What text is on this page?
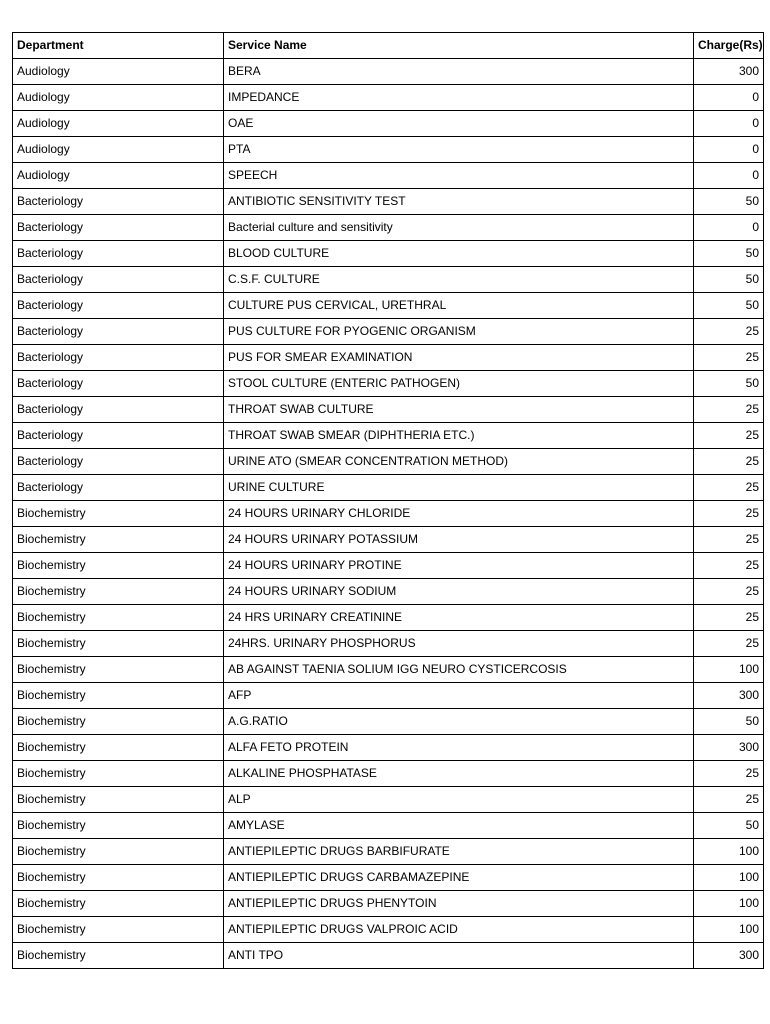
Department	Service Name	Charge(Rs)
Audiology	BERA	300
Audiology	IMPEDANCE	0
Audiology	OAE	0
Audiology	PTA	0
Audiology	SPEECH	0
Bacteriology	ANTIBIOTIC SENSITIVITY TEST	50
Bacteriology	Bacterial culture and sensitivity	0
Bacteriology	BLOOD CULTURE	50
Bacteriology	C.S.F. CULTURE	50
Bacteriology	CULTURE PUS CERVICAL, URETHRAL	50
Bacteriology	PUS CULTURE FOR PYOGENIC ORGANISM	25
Bacteriology	PUS FOR SMEAR EXAMINATION	25
Bacteriology	STOOL CULTURE (ENTERIC PATHOGEN)	50
Bacteriology	THROAT SWAB CULTURE	25
Bacteriology	THROAT SWAB SMEAR (DIPHTHERIA ETC.)	25
Bacteriology	URINE ATO (SMEAR CONCENTRATION METHOD)	25
Bacteriology	URINE CULTURE	25
Biochemistry	24 HOURS URINARY CHLORIDE	25
Biochemistry	24 HOURS URINARY POTASSIUM	25
Biochemistry	24 HOURS URINARY PROTINE	25
Biochemistry	24 HOURS URINARY SODIUM	25
Biochemistry	24 HRS URINARY CREATININE	25
Biochemistry	24HRS. URINARY PHOSPHORUS	25
Biochemistry	AB AGAINST TAENIA SOLIUM IGG NEURO CYSTICERCOSIS	100
Biochemistry	AFP	300
Biochemistry	A.G.RATIO	50
Biochemistry	ALFA FETO PROTEIN	300
Biochemistry	ALKALINE PHOSPHATASE	25
Biochemistry	ALP	25
Biochemistry	AMYLASE	50
Biochemistry	ANTIEPILEPTIC DRUGS BARBIFURATE	100
Biochemistry	ANTIEPILEPTIC DRUGS CARBAMAZEPINE	100
Biochemistry	ANTIEPILEPTIC DRUGS PHENYTOIN	100
Biochemistry	ANTIEPILEPTIC DRUGS VALPROIC ACID	100
Biochemistry	ANTI TPO	300
